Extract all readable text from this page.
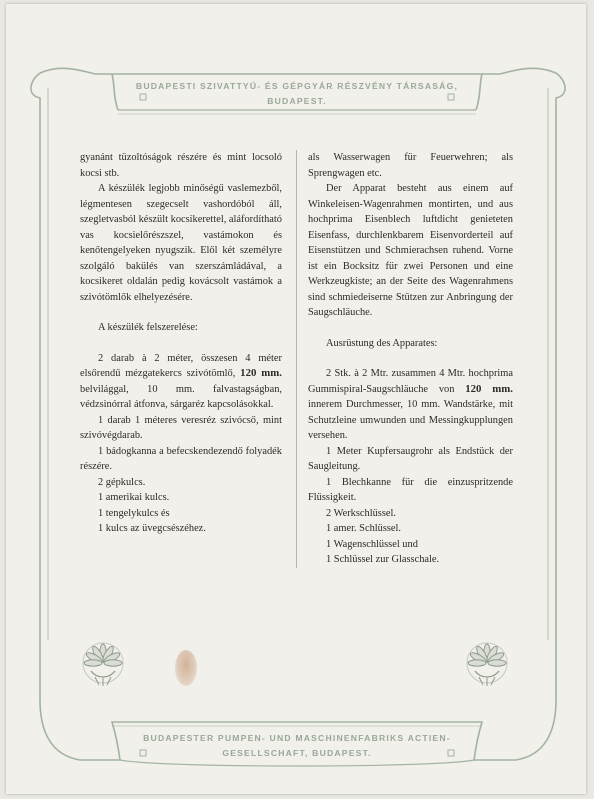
BUDAPESTI SZIVATTYÚ- ÉS GÉPGYÁR RÉSZVÉNY TÁRSASÁG,
BUDAPEST.

gyanánt tüzoltóságok részére és mint locsoló kocsi stb.

A készülék legjobb minőségű vaslemezből, légmentesen szegecselt vashordóból áll, szegletvasból készült kocsikerettel, aláfordítható vas kocsielőrészszel, vastámokon és kenőtengelyeken nyugszik. Elől két személyre szolgáló bakülés van szerszámládával, a kocsikeret oldalán pedig kovácsolt vastámok a szivótömlők elhelyezésére.

A készülék felszerelése:

2 darab à 2 méter, összesen 4 méter elsőrendű mézgatekercs szivótömlő, 120 mm. belvilággal, 10 mm. falvastagságban, védzsinórral átfonva, sárgaréz kapcsolásokkal.

1 darab 1 méteres veresréz szivócső, mint szivóvégdarab.

1 bádogkanna a befecskendezendő folyadék részére.

2 gépkulcs.

1 amerikai kulcs.

1 tengelykulcs és

1 kulcs az üvegcsészéhez.

als Wasserwagen für Feuerwehren; als Sprengwagen etc.

Der Apparat besteht aus einem auf Winkeleisen-Wagenrahmen montirten, und aus hochprima Eisenblech luftdicht genieteten Eisenfass, durchlenkbarem Eisenvorderteil auf Eisenstützen und Schmierachsen ruhend. Vorne ist ein Bocksitz für zwei Personen und eine Werkzeugkiste; an der Seite des Wagenrahmens sind schmiedeiserne Stützen zur Anbringung der Saugschläuche.

Ausrüstung des Apparates:

2 Stk. à 2 Mtr. zusammen 4 Mtr. hochprima Gummispiral-Saugschläuche von 120 mm. innerem Durchmesser, 10 mm. Wandstärke, mit Schutzleine umwunden und Messingkupplungen versehen.

1 Meter Kupfersaugrohr als Endstück der Saugleitung.

1 Blechkanne für die einzuspritzende Flüssigkeit.

2 Werkschlüssel.

1 amer. Schlüssel.

1 Wagenschlüssel und

1 Schlüssel zur Glasschale.

BUDAPESTER PUMPEN- UND MASCHINENFABRIKS ACTIEN-
GESELLSCHAFT, BUDAPEST.
